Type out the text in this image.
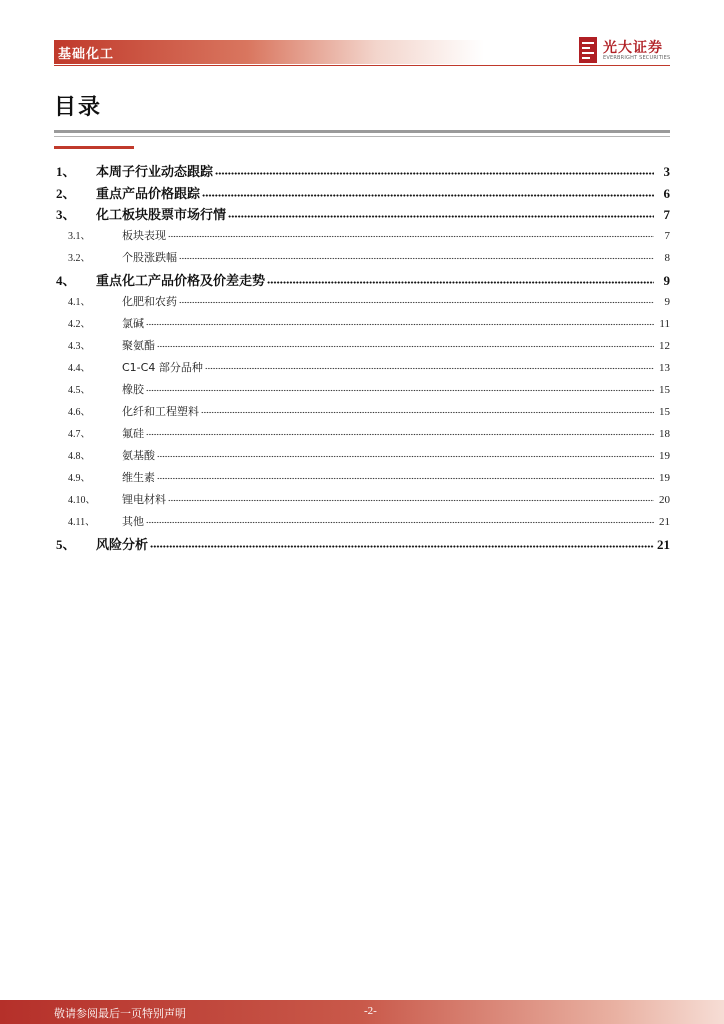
基础化工	光大证券
EVERBRIGHT SECURITIES
目录
1、	本周子行业动态跟踪	3
2、	重点产品价格跟踪	6
3、	化工板块股票市场行情	7
3.1、	板块表现	7
3.2、	个股涨跌幅	8
4、	重点化工产品价格及价差走势	9
4.1、	化肥和农药	9
4.2、	氯碱	11
4.3、	聚氨酯	12
4.4、	C1-C4 部分品种	13
4.5、	橡胶	15
4.6、	化纤和工程塑料	15
4.7、	氟硅	18
4.8、	氨基酸	19
4.9、	维生素	19
4.10、	锂电材料	20
4.11、	其他	21
5、	风险分析	21
敬请参阅最后一页特别声明	-2-
